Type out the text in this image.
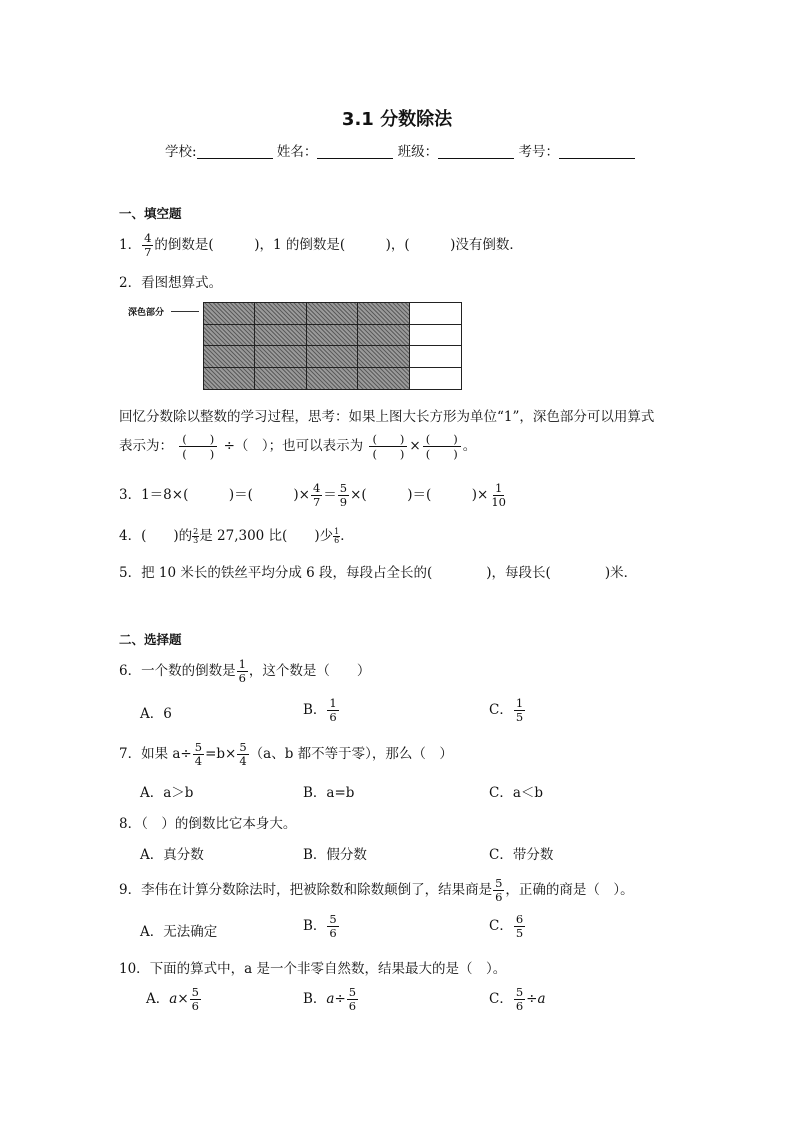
3.1 分数除法
学校:	姓名：	班级：	考号：
一、填空题
1． $\frac{4}{7}$ 的倒数是(　　　)，1 的倒数是(　　　)，(　　　)没有倒数．
2．看图想算式。
深色部分
回忆分数除以整数的学习过程，思考：如果上图大长方形为单位“1”，深色部分可以用算式
表示为： $\frac{( )}{( )}$ ÷（　）；也可以表示为 $\frac{( )}{( )} \times \frac{( )}{( )}$ 。
3．1＝8×(　　　)＝(　　　)× $\frac{4}{7} = \frac{5}{9}$ ×(　　　)＝(　　　)× $\frac{1}{10}$
4．(　　)的 $\frac{2}{3}$ 是 27,300 比(　　)少 $\frac{1}{6}$ ．
5．把 10 米长的铁丝平均分成 6 段，每段占全长的(　　　　)，每段长(　　　　)米．
二、选择题
6．一个数的倒数是 $\frac{1}{6}$ ，这个数是（　　）
A．6	B． $\frac{1}{6}$	C． $\frac{1}{5}$
7．如果 $a\div \frac{5}{4} =b\times \frac{5}{4} (a$、b 都不等于零），那么（　）
A．a＞b	B．a=b	C．a＜b
8．（　）的倒数比它本身大。
A．真分数	B．假分数	C．带分数
9．李伟在计算分数除法时，把被除数和除数颠倒了，结果商是 $\frac{5}{6}$ ，正确的商是（　）。
A．无法确定	B． $\frac{5}{6}$	C． $\frac{6}{5}$
10．下面的算式中，a 是一个非零自然数，结果最大的是（　）。
A．$a\times \frac{5}{6}$	B．$a\div \frac{5}{6}$	C． $\frac{5}{6} \div a$
